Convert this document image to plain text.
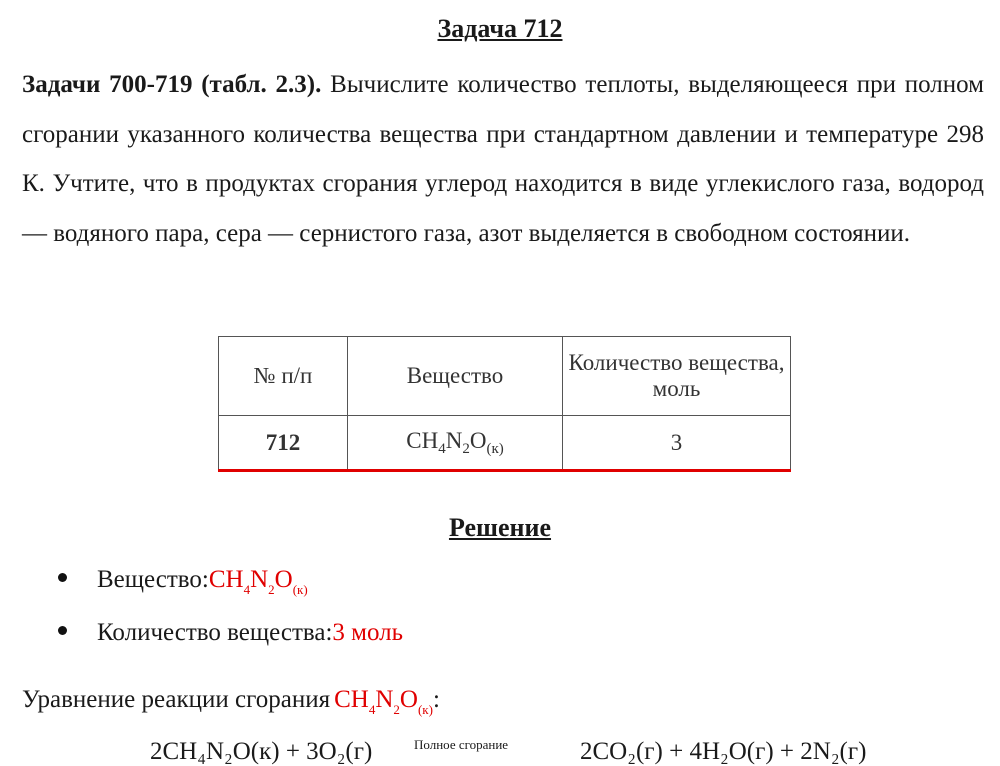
Задача 712
Задачи 700-719 (табл. 2.3). Вычислите количество теплоты, выделяющееся при полном сгорании указанного количества вещества при стандартном давлении и температуре 298 К. Учтите, что в продуктах сгорания углерод находится в виде углекислого газа, водород — водяного пара, сера — сернистого газа, азот выделяется в свободном состоянии.
№ п/п	Вещество	Количество вещества, моль
712	$CH_4N_2O_{(к)}$	3
Решение
Вещество: $CH_4N_2O_{(к)}$
Количество вещества: 3 моль
Уравнение реакции сгорания $CH_4N_2O_{(к)}$:
2CH₄N₂O(к) + 3O₂(г)	Полное сгорание	2CO₂(г) + 4H₂O(г) + 2N₂(г)
